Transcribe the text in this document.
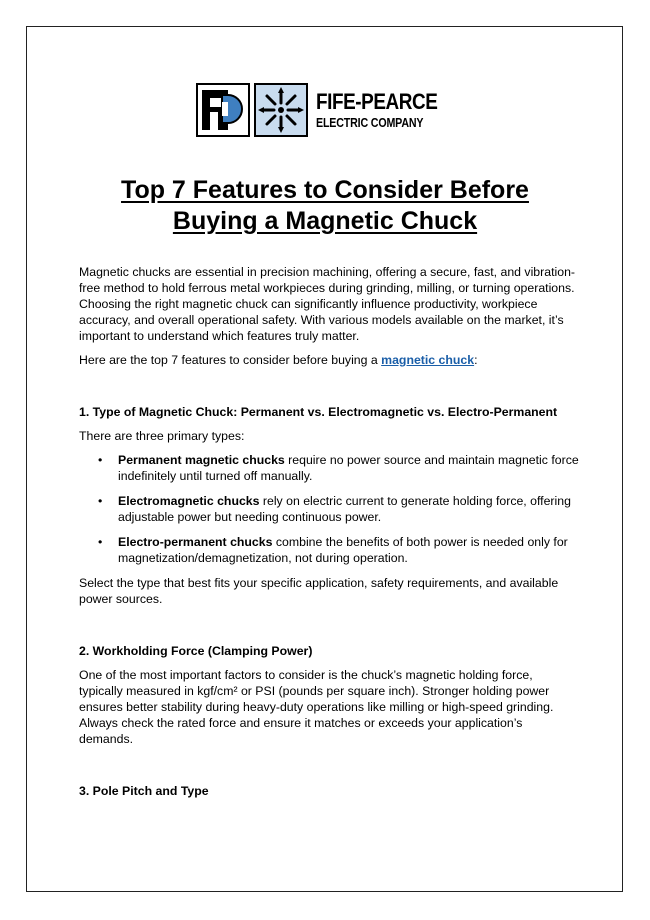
FIFE-PEARCE
ELECTRIC COMPANY
Top 7 Features to Consider Before
Buying a Magnetic Chuck

Magnetic chucks are essential in precision machining, offering a secure, fast, and vibration-free method to hold ferrous metal workpieces during grinding, milling, or turning operations. Choosing the right magnetic chuck can significantly influence productivity, workpiece accuracy, and overall operational safety. With various models available on the market, it’s important to understand which features truly matter.

Here are the top 7 features to consider before buying a magnetic chuck:

1. Type of Magnetic Chuck: Permanent vs. Electromagnetic vs. Electro-Permanent

There are three primary types:

• Permanent magnetic chucks require no power source and maintain magnetic force indefinitely until turned off manually.
• Electromagnetic chucks rely on electric current to generate holding force, offering adjustable power but needing continuous power.
• Electro-permanent chucks combine the benefits of both power is needed only for magnetization/demagnetization, not during operation.

Select the type that best fits your specific application, safety requirements, and available power sources.

2. Workholding Force (Clamping Power)

One of the most important factors to consider is the chuck’s magnetic holding force, typically measured in kgf/cm² or PSI (pounds per square inch). Stronger holding power ensures better stability during heavy-duty operations like milling or high-speed grinding. Always check the rated force and ensure it matches or exceeds your application’s demands.

3. Pole Pitch and Type
